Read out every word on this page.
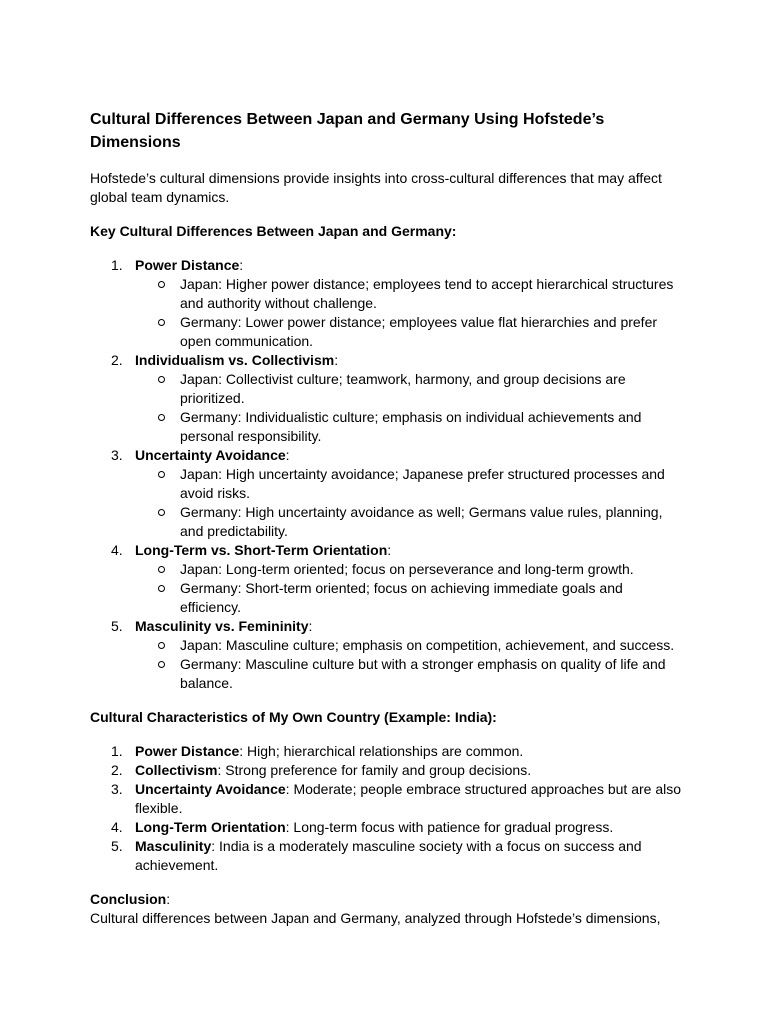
Cultural Differences Between Japan and Germany Using Hofstede’s Dimensions

Hofstede’s cultural dimensions provide insights into cross-cultural differences that may affect global team dynamics.

Key Cultural Differences Between Japan and Germany:

1. Power Distance:
Japan: Higher power distance; employees tend to accept hierarchical structures and authority without challenge.
Germany: Lower power distance; employees value flat hierarchies and prefer open communication.
2. Individualism vs. Collectivism:
Japan: Collectivist culture; teamwork, harmony, and group decisions are prioritized.
Germany: Individualistic culture; emphasis on individual achievements and personal responsibility.
3. Uncertainty Avoidance:
Japan: High uncertainty avoidance; Japanese prefer structured processes and avoid risks.
Germany: High uncertainty avoidance as well; Germans value rules, planning, and predictability.
4. Long-Term vs. Short-Term Orientation:
Japan: Long-term oriented; focus on perseverance and long-term growth.
Germany: Short-term oriented; focus on achieving immediate goals and efficiency.
5. Masculinity vs. Femininity:
Japan: Masculine culture; emphasis on competition, achievement, and success.
Germany: Masculine culture but with a stronger emphasis on quality of life and balance.

Cultural Characteristics of My Own Country (Example: India):

1. Power Distance: High; hierarchical relationships are common.
2. Collectivism: Strong preference for family and group decisions.
3. Uncertainty Avoidance: Moderate; people embrace structured approaches but are also flexible.
4. Long-Term Orientation: Long-term focus with patience for gradual progress.
5. Masculinity: India is a moderately masculine society with a focus on success and achievement.

Conclusion:

Cultural differences between Japan and Germany, analyzed through Hofstede’s dimensions,
